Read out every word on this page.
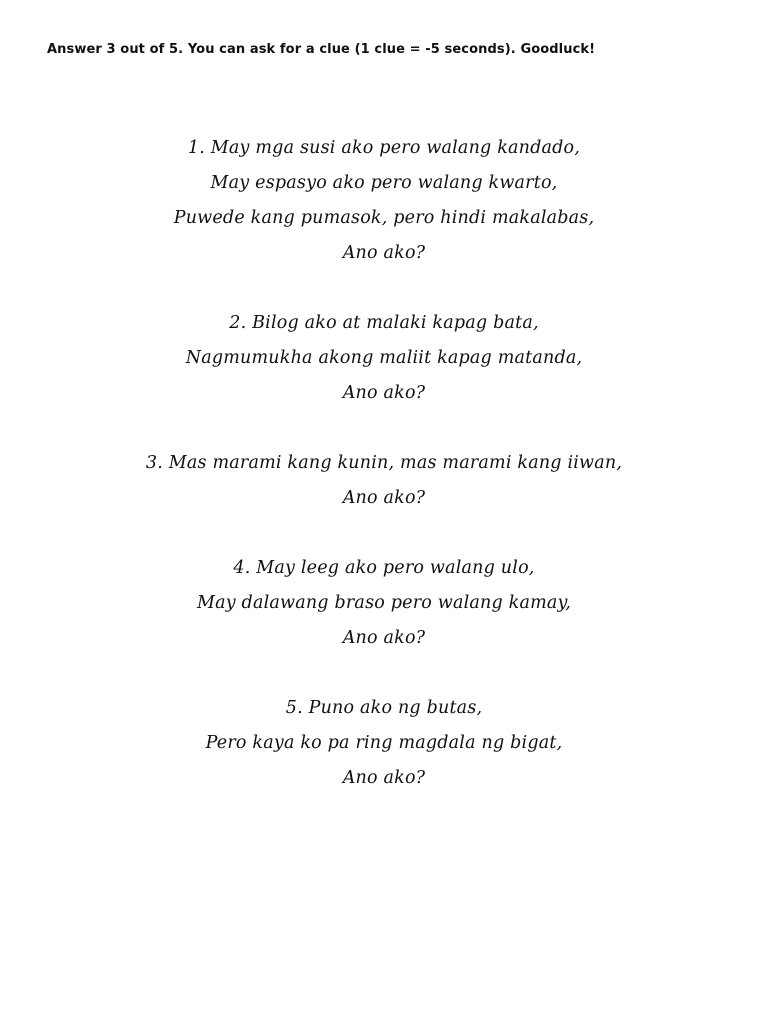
Answer 3 out of 5. You can ask for a clue (1 clue = -5 seconds). Goodluck!
1. May mga susi ako pero walang kandado,
May espasyo ako pero walang kwarto,
Puwede kang pumasok, pero hindi makalabas,
Ano ako?
2. Bilog ako at malaki kapag bata,
Nagmumukha akong maliit kapag matanda,
Ano ako?
3. Mas marami kang kunin, mas marami kang iiwan,
Ano ako?
4. May leeg ako pero walang ulo,
May dalawang braso pero walang kamay,
Ano ako?
5. Puno ako ng butas,
Pero kaya ko pa ring magdala ng bigat,
Ano ako?
